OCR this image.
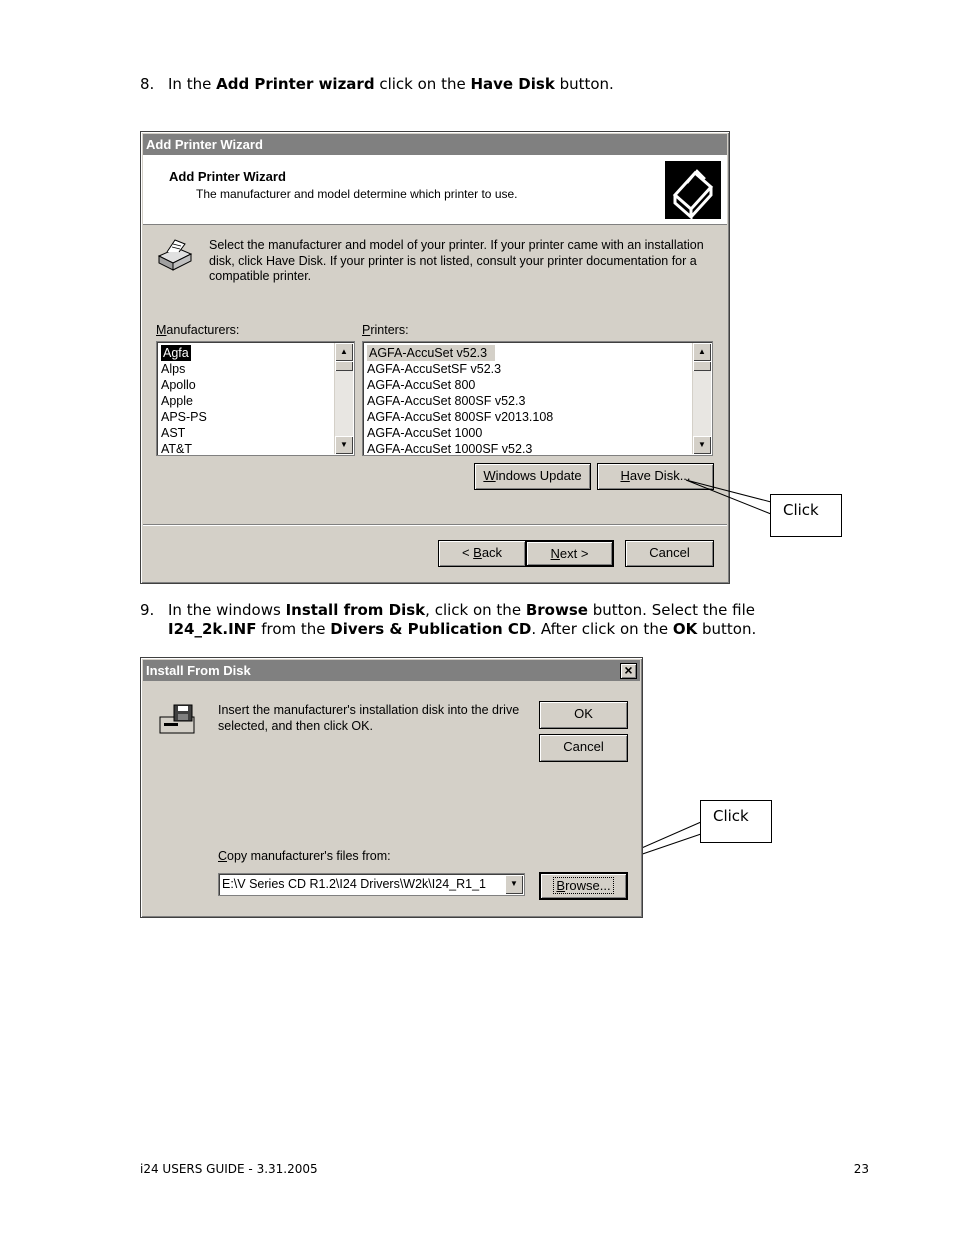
8. In the Add Printer wizard click on the Have Disk button.
Add Printer Wizard
Add Printer Wizard
The manufacturer and model determine which printer to use.
Select the manufacturer and model of your printer. If your printer came with an installation disk, click Have Disk. If your printer is not listed, consult your printer documentation for a compatible printer.
Manufacturers:	Printers:
Agfa
Alps
Apollo
Apple
APS-PS
AST
AT&T
▲
▼
AGFA-AccuSet v52.3
AGFA-AccuSetSF v52.3
AGFA-AccuSet 800
AGFA-AccuSet 800SF v52.3
AGFA-AccuSet 800SF v2013.108
AGFA-AccuSet 1000
AGFA-AccuSet 1000SF v52.3
▲
▼
Windows Update	Have Disk...
< Back	Next >	Cancel
Click
9. In the windows Install from Disk, click on the Browse button. Select the file
I24_2k.INF from the Divers & Publication CD. After click on the OK button.
Install From Disk	×
Insert the manufacturer's installation disk into the drive selected, and then click OK.
OK
Cancel
Copy manufacturer's files from:
E:\V Series CD R1.2\I24 Drivers\W2k\I24_R1_1	▼	Browse...
Click
i24 USERS GUIDE - 3.31.2005	23
